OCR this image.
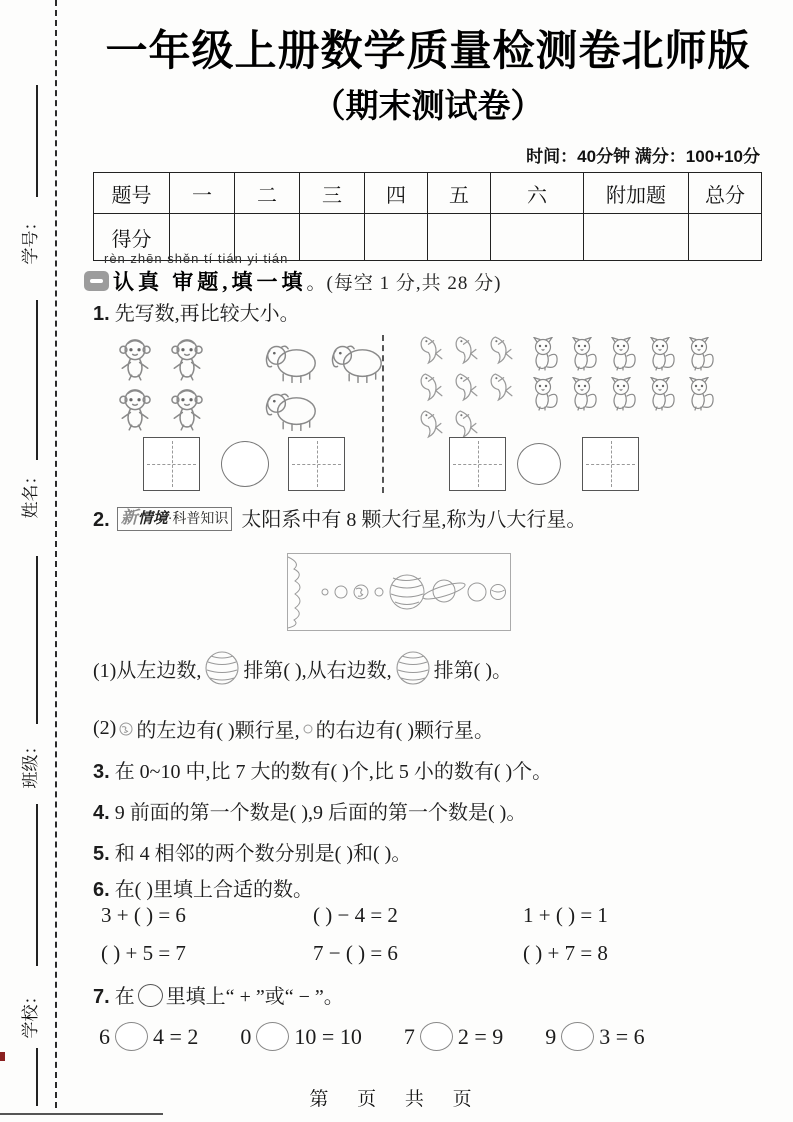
学号：
姓名：
班级：
学校：
一年级上册数学质量检测卷北师版
（期末测试卷）
时间：40分钟 满分：100+10分
题号	一	二	三	四	五	六	附加题	总分
得分								
rèn zhēn shěn tí tián yi tián
认真 审题,填一填 。(每空 1 分,共 28 分)
1. 先写数,再比较大小。
2. 新情境·科普知识 太阳系中有 8 颗大行星,称为八大行星。
(1)从左边数, 排第( ),从右边数, 排第( )。
(2) 的左边有( )颗行星, 的右边有( )颗行星。
3. 在 0~10 中,比 7 大的数有( )个,比 5 小的数有( )个。
4. 9 前面的第一个数是( ),9 后面的第一个数是( )。
5. 和 4 相邻的两个数分别是( )和( )。
6. 在( )里填上合适的数。
3 + ( ) = 6	( ) − 4 = 2	1 + ( ) = 1
( ) + 5 = 7	7 − ( ) = 6	( ) + 7 = 8
7. 在 里填上“ + ”或“ − ”。
6 4 = 2 0 10 = 10 7 2 = 9 9 3 = 6
第 页 共 页
